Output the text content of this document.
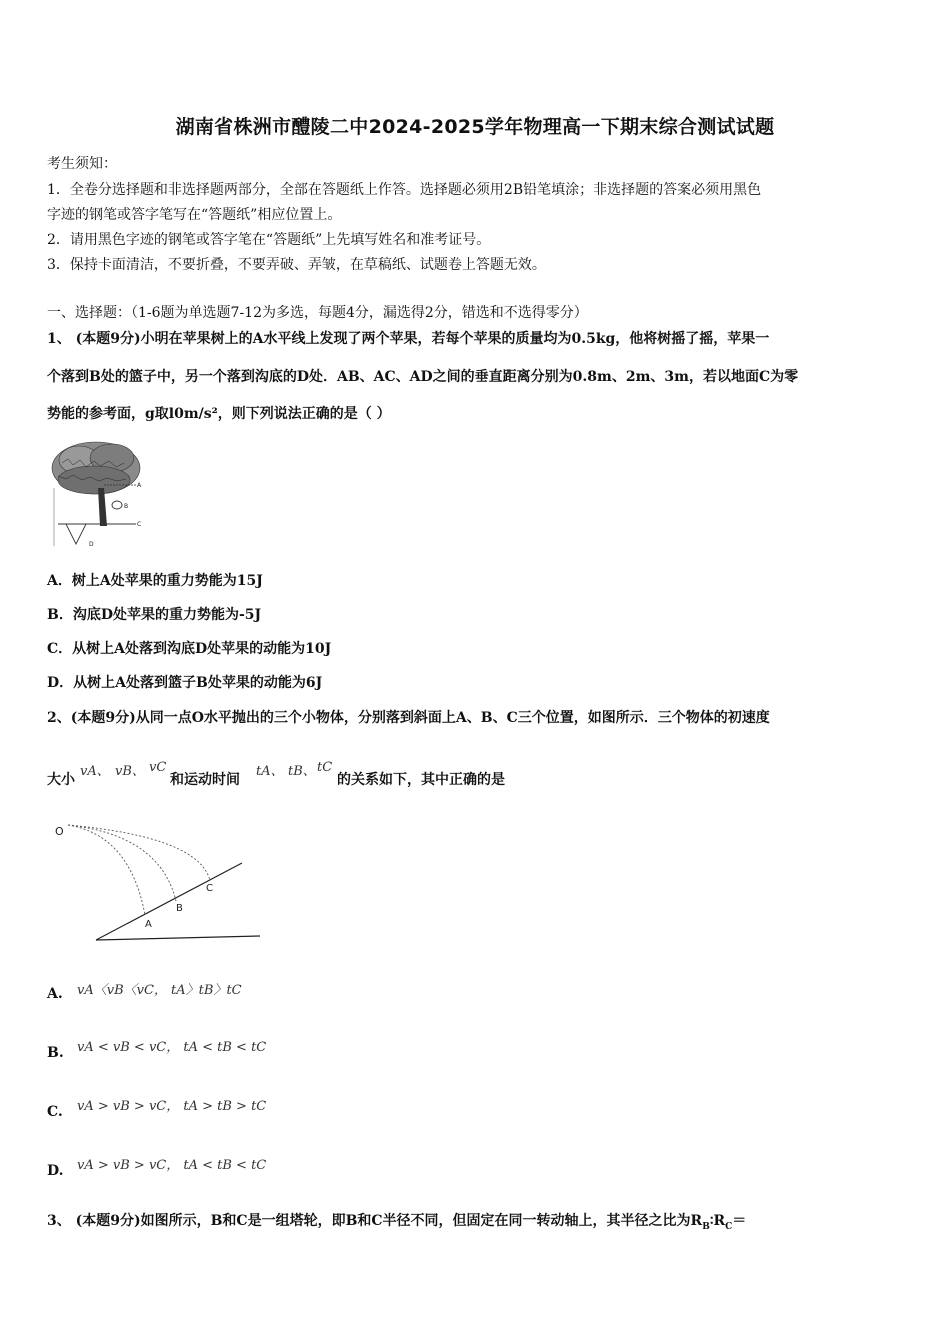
湖南省株洲市醴陵二中2024-2025学年物理高一下期末综合测试试题
考生须知：
1．全卷分选择题和非选择题两部分，全部在答题纸上作答。选择题必须用2B铅笔填涂；非选择题的答案必须用黑色
字迹的钢笔或答字笔写在“答题纸”相应位置上。
2．请用黑色字迹的钢笔或答字笔在“答题纸”上先填写姓名和准考证号。
3．保持卡面清洁，不要折叠，不要弄破、弄皱，在草稿纸、试题卷上答题无效。
一、选择题：（1-6题为单选题7-12为多选，每题4分，漏选得2分，错选和不选得零分）
1、 (本题9分)小明在苹果树上的A水平线上发现了两个苹果，若每个苹果的质量均为0.5kg，他将树摇了摇，苹果一
个落到B处的篮子中，另一个落到沟底的D处．AB、AC、AD之间的垂直距离分别为0.8m、2m、3m，若以地面C为零
势能的参考面，g取l0m/s²，则下列说法正确的是（ ）
A
B
C
D
A．树上A处苹果的重力势能为15J
B．沟底D处苹果的重力势能为-5J
C．从树上A处落到沟底D处苹果的动能为10J
D．从树上A处落到篮子B处苹果的动能为6J
2、(本题9分)从同一点O水平抛出的三个小物体，分别落到斜面上A、B、C三个位置，如图所示．三个物体的初速度
大小
vA、 vB、 vC
和运动时间
tA、 tB、 tC
的关系如下，其中正确的是
O
A
B
C
A. vA〈vB〈vC， tA〉tB〉tC
B. vA < vB < vC， tA < tB < tC
C. vA > vB > vC， tA > tB > tC
D. vA > vB > vC， tA < tB < tC
3、 (本题9分)如图所示，B和C是一组塔轮，即B和C半径不同，但固定在同一转动轴上，其半径之比为$R_B∶R_C=$
